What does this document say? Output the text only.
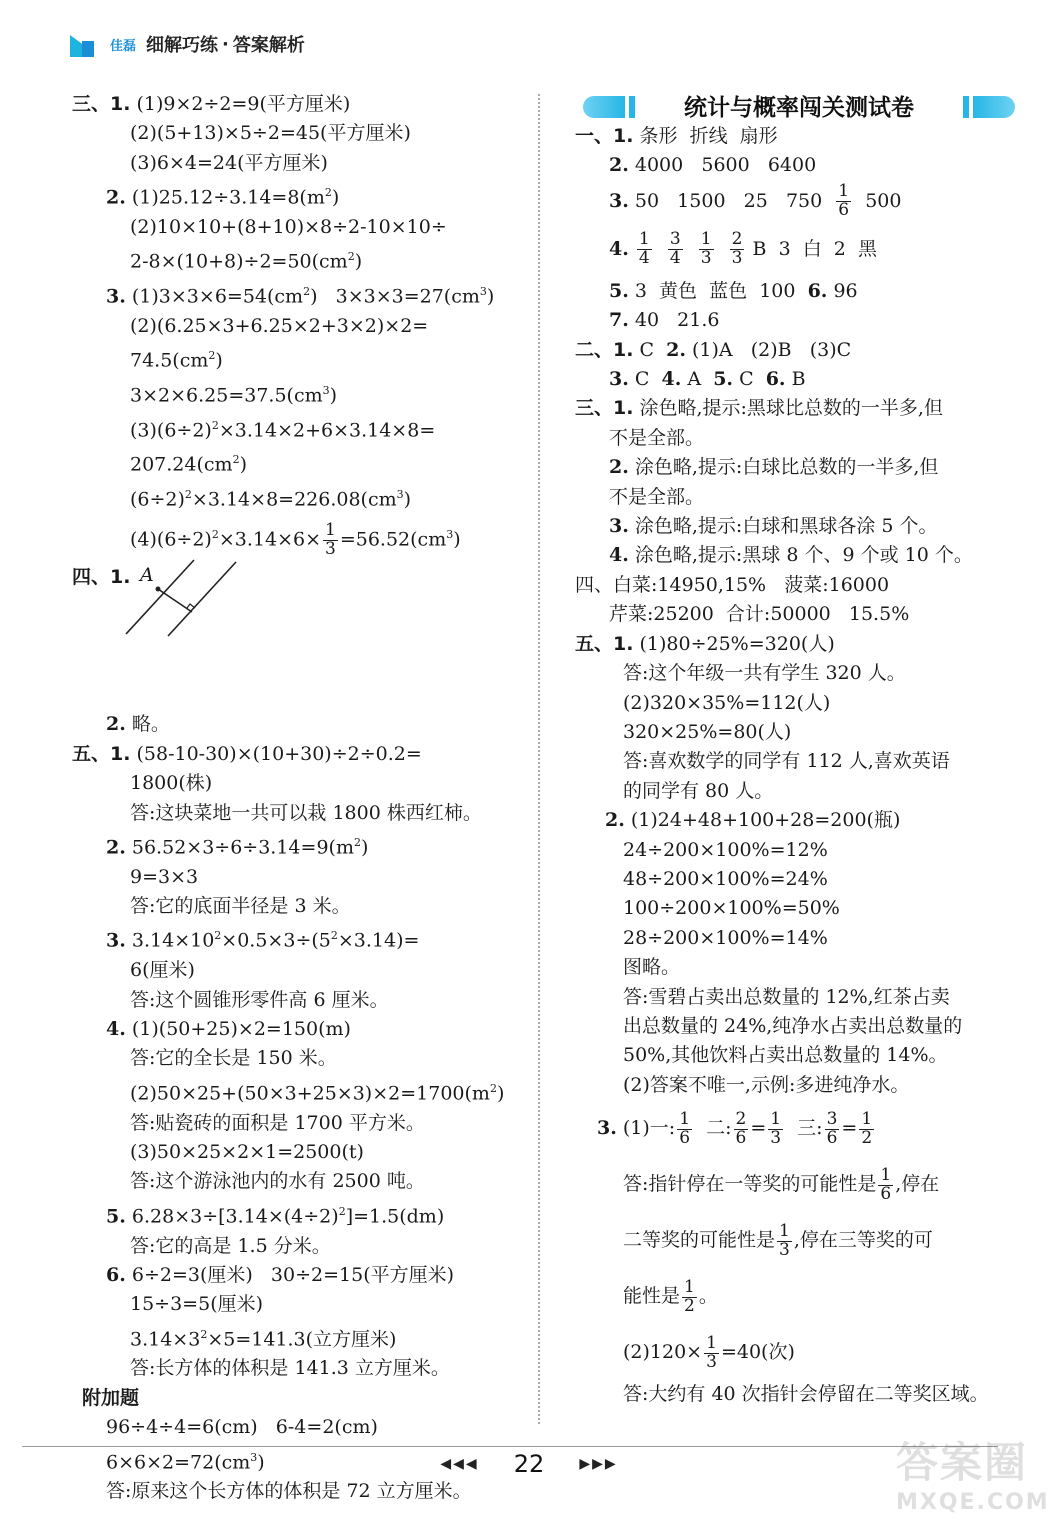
佳磊 细解巧练 · 答案解析
三、1. (1)9×2÷2=9(平方厘米)
(2)(5+13)×5÷2=45(平方厘米)
(3)6×4=24(平方厘米)
2. $(1)25.12\div 3.14=8(m^2)$
(2)10×10+(8+10)×8÷2-10×10÷
$2-8\times(10+8)\div 2=50(cm^2)$
3. $(1)3\times 3\times 6=54(cm^2)$   $3\times 3\times 3=27(cm^3)$
(2)(6.25×3+6.25×2+3×2)×2=
$74.5(cm^2)$
$3\times 2\times 6.25=37.5(cm^3)$
$(3)(6\div 2)^2\times 3.14\times 2+6\times 3.14\times 8=$
$207.24(cm^2)$
$(6\div 2)^2\times 3.14\times 8=226.08(cm^3)$
$(4)(6\div 2)^2\times 3.14\times 6\times \frac{1}{3} =56.52(cm^3)$
四、1.
2. 略。
五、1. (58-10-30)×(10+30)÷2÷0.2=
1800(株)
答:这块菜地一共可以栽 1800 株西红柿。
2. $56.52\times 3\div 6\div 3.14=9(m^2)$
9=3×3
答:它的底面半径是 3 米。
3. $3.14\times 10^2\times 0.5\times 3\div(5^2\times 3.14)=$
6(厘米)
答:这个圆锥形零件高 6 厘米。
4. (1)(50+25)×2=150(m)
答:它的全长是 150 米。
$(2)50\times 25+(50\times 3+25\times 3)\times 2=1700(m^2)$
答:贴瓷砖的面积是 1700 平方米。
(3)50×25×2×1=2500(t)
答:这个游泳池内的水有 2500 吨。
5. $6.28\times 3\div[3.14\times(4\div 2)^2]=1.5(dm)$
答:它的高是 1.5 分米。
6. 6÷2=3(厘米)   30÷2=15(平方厘米)
15÷3=5(厘米)
$3.14\times 3^2\times 5=141.3$(立方厘米)
答:长方体的体积是 141.3 立方厘米。
附加题
96÷4÷4=6(cm)   6-4=2(cm)
$6\times 6\times 2=72(cm^3)$
答:原来这个长方体的体积是 72 立方厘米。
A
统计与概率闯关测试卷
一、1. 条形  折线  扇形
2. 4000   5600   6400
3. 50   1500   25   $750 \frac{1}{6} 500$
4. $\frac{1}{4}$
$\frac{3}{4}$
$\frac{1}{3}$
$\frac{2}{3}$ B  3  白  2  黑
5. 3  黄色  蓝色  100  6. 96
7. 40   21.6
二、1. C  2. (1)A   (2)B   (3)C
3. C  4. A  5. C  6. B
三、1. 涂色略,提示:黑球比总数的一半多,但
不是全部。
2. 涂色略,提示:白球比总数的一半多,但
不是全部。
3. 涂色略,提示:白球和黑球各涂 5 个。
4. 涂色略,提示:黑球 8 个、9 个或 10 个。
四、白菜:14950,15%   菠菜:16000
芹菜:25200  合计:50000   15.5%
五、1. (1)80÷25%=320(人)
答:这个年级一共有学生 320 人。
(2)320×35%=112(人)
320×25%=80(人)
答:喜欢数学的同学有 112 人,喜欢英语
的同学有 80 人。
2. (1)24+48+100+28=200(瓶)
24÷200×100%=12%
48÷200×100%=24%
100÷200×100%=50%
28÷200×100%=14%
图略。
答:雪碧占卖出总数量的 12%,红茶占卖
出总数量的 24%,纯净水占卖出总数量的
50%,其他饮料占卖出总数量的 14%。
(2)答案不唯一,示例:多进纯净水。
3. (1)一: $\frac{1}{6}$ 二: $\frac{2}{6} = \frac{1}{3}$ 三: $\frac{3}{6} = \frac{1}{2}$
答:指针停在一等奖的可能性是 $\frac{1}{6}$ ,停在
二等奖的可能性是 $\frac{1}{3}$ ,停在三等奖的可
能性是 $\frac{1}{2}$ 。
$(2)120\times \frac{1}{3} =40$(次)
答:大约有 40 次指针会停留在二等奖区域。
◀◀◀ 22	▶▶▶	答案圈
MXQE.COM
